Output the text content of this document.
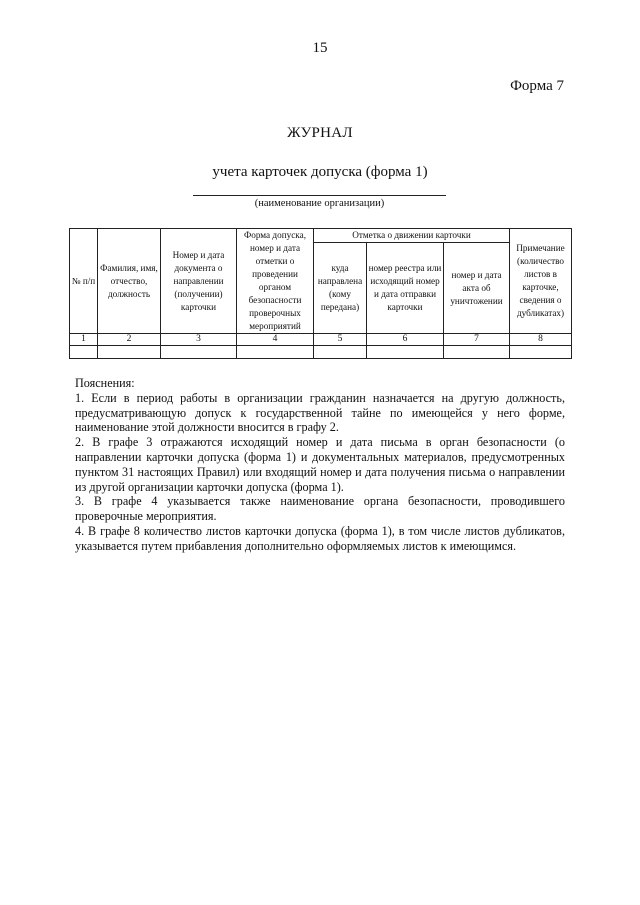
15
Форма 7
ЖУРНАЛ
учета карточек допуска (форма 1)
(наименование организации)
№ п/п	Фамилия, имя, отчество, должность	Номер и дата документа о направлении (получении) карточки	Форма допуска, номер и дата отметки о проведении органом безопасности проверочных мероприятий	Отметка о движении карточки			Примечание (количество листов в карточке, сведения о дубликатах)
				куда направлена (кому передана)	номер реестра или исходящий номер и дата отправки карточки	номер и дата акта об уничтожении	
1	2	3	4	5	6	7	8

Пояснения:

1. Если в период работы в организации гражданин назначается на другую должность, предусматривающую допуск к государственной тайне по имеющейся у него форме, наименование этой должности вносится в графу 2.

2. В графе 3 отражаются исходящий номер и дата письма в орган безопасности (о направлении карточки допуска (форма 1) и документальных материалов, предусмотренных пунктом 31 настоящих Правил) или входящий номер и дата получения письма о направлении из другой организации карточки допуска (форма 1).

3. В графе 4 указывается также наименование органа безопасности, проводившего проверочные мероприятия.

4. В графе 8 количество листов карточки допуска (форма 1), в том числе листов дубликатов, указывается путем прибавления дополнительно оформляемых листов к имеющимся.
